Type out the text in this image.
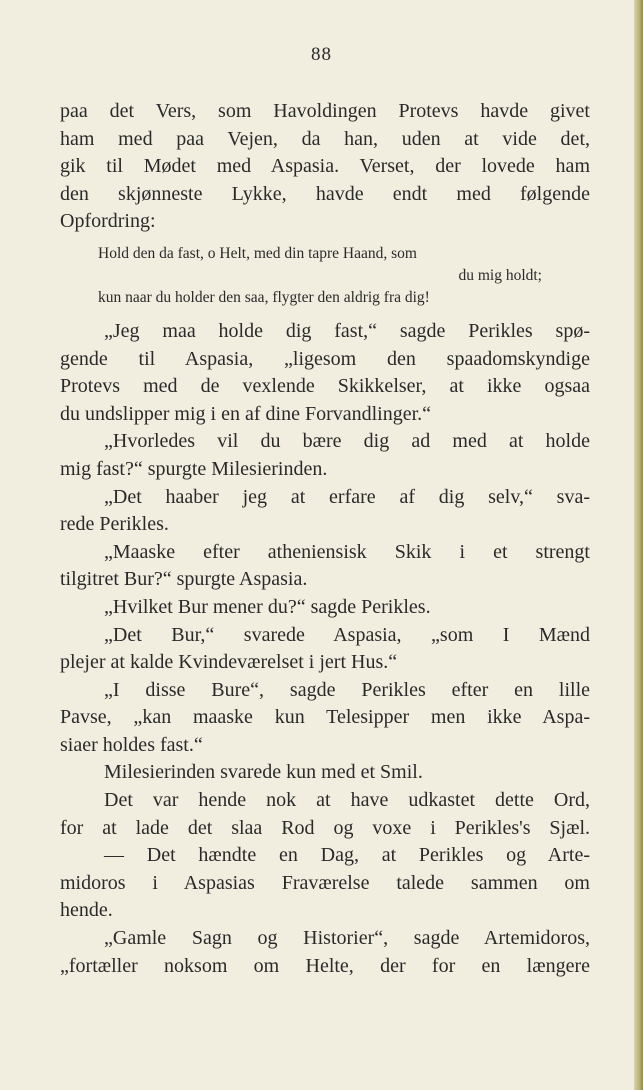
88
paa det Vers, som Havoldingen Protevs havde givet
ham med paa Vejen, da han, uden at vide det,
gik til Mødet med Aspasia. Verset, der lovede ham
den skjønneste Lykke, havde endt med følgende
Opfordring:
Hold den da fast, o Helt, med din tapre Haand, som
du mig holdt;
kun naar du holder den saa, flygter den aldrig fra dig!
„Jeg maa holde dig fast,“ sagde Perikles spø-
gende til Aspasia, „ligesom den spaadomskyndige
Protevs med de vexlende Skikkelser, at ikke ogsaa
du undslipper mig i en af dine Forvandlinger.“
„Hvorledes vil du bære dig ad med at holde
mig fast?“ spurgte Milesierinden.
„Det haaber jeg at erfare af dig selv,“ sva-
rede Perikles.
„Maaske efter atheniensisk Skik i et strengt
tilgitret Bur?“ spurgte Aspasia.
„Hvilket Bur mener du?“ sagde Perikles.
„Det Bur,“ svarede Aspasia, „som I Mænd
plejer at kalde Kvindeværelset i jert Hus.“
„I disse Bure“, sagde Perikles efter en lille
Pavse, „kan maaske kun Telesipper men ikke Aspa-
siaer holdes fast.“
Milesierinden svarede kun med et Smil.
Det var hende nok at have udkastet dette Ord,
for at lade det slaa Rod og voxe i Perikles's Sjæl.
— Det hændte en Dag, at Perikles og Arte-
midoros i Aspasias Fraværelse talede sammen om
hende.
„Gamle Sagn og Historier“, sagde Artemidoros,
„fortæller noksom om Helte, der for en længere
